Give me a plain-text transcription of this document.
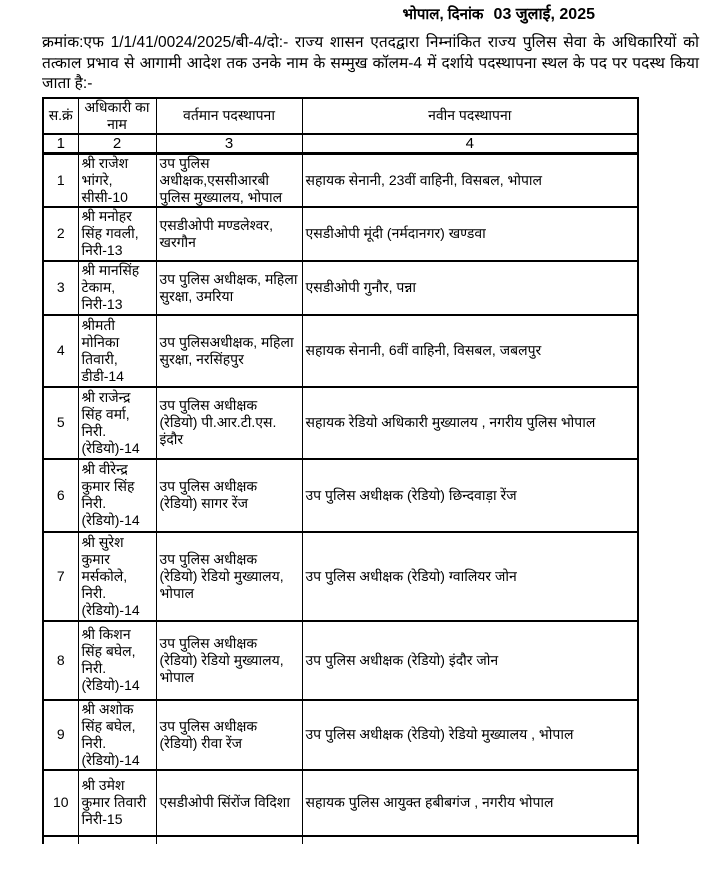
भोपाल, दिनांक 03 जुलाई, 2025
क्रमांक:एफ 1/1/41/0024/2025/बी-4/दो:- राज्य शासन एतदद्वारा निम्नांकित राज्य पुलिस सेवा के अधिकारियों को तत्काल प्रभाव से आगामी आदेश तक उनके नाम के सम्मुख कॉलम-4 में दर्शाये पदस्थापना स्थल के पद पर पदस्थ किया जाता है:-
स.क्रं	अधिकारी का नाम	वर्तमान पदस्थापना	नवीन पदस्थापना
1	2	3	4
1	श्री राजेश भांगरे, सीसी-10	उप पुलिस अधीक्षक,एससीआरबी पुलिस मुख्यालय, भोपाल	सहायक सेनानी, 23वीं वाहिनी, विसबल, भोपाल
2	श्री मनोहर सिंह गवली, निरी-13	एसडीओपी मण्डलेश्वर, खरगौन	एसडीओपी मूंदी (नर्मदानगर) खण्डवा
3	श्री मानसिंह टेकाम, निरी-13	उप पुलिस अधीक्षक, महिला सुरक्षा, उमरिया	एसडीओपी गुनौर, पन्ना
4	श्रीमती मोनिका तिवारी, डीडी-14	उप पुलिसअधीक्षक, महिला सुरक्षा, नरसिंहपुर	सहायक सेनानी, 6वीं वाहिनी, विसबल, जबलपुर
5	श्री राजेन्द्र सिंह वर्मा, निरी. (रेडियो)-14	उप पुलिस अधीक्षक (रेडियो) पी.आर.टी.एस. इंदौर	सहायक रेडियो अधिकारी मुख्यालय , नगरीय पुलिस भोपाल
6	श्री वीरेन्द्र कुमार सिंह निरी. (रेडियो)-14	उप पुलिस अधीक्षक (रेडियो) सागर रेंज	उप पुलिस अधीक्षक (रेडियो) छिन्दवाड़ा रेंज
7	श्री सुरेश कुमार मर्सकोले, निरी. (रेडियो)-14	उप पुलिस अधीक्षक (रेडियो) रेडियो मुख्यालय, भोपाल	उप पुलिस अधीक्षक (रेडियो) ग्वालियर जोन
8	श्री किशन सिंह बघेल, निरी. (रेडियो)-14	उप पुलिस अधीक्षक (रेडियो) रेडियो मुख्यालय, भोपाल	उप पुलिस अधीक्षक (रेडियो) इंदौर जोन
9	श्री अशोक सिंह बघेल, निरी. (रेडियो)-14	उप पुलिस अधीक्षक (रेडियो) रीवा रेंज	उप पुलिस अधीक्षक (रेडियो) रेडियो मुख्यालय , भोपाल
10	श्री उमेश कुमार तिवारी निरी-15	एसडीओपी सिंरोंज विदिशा	सहायक पुलिस आयुक्त हबीबगंज , नगरीय भोपाल
